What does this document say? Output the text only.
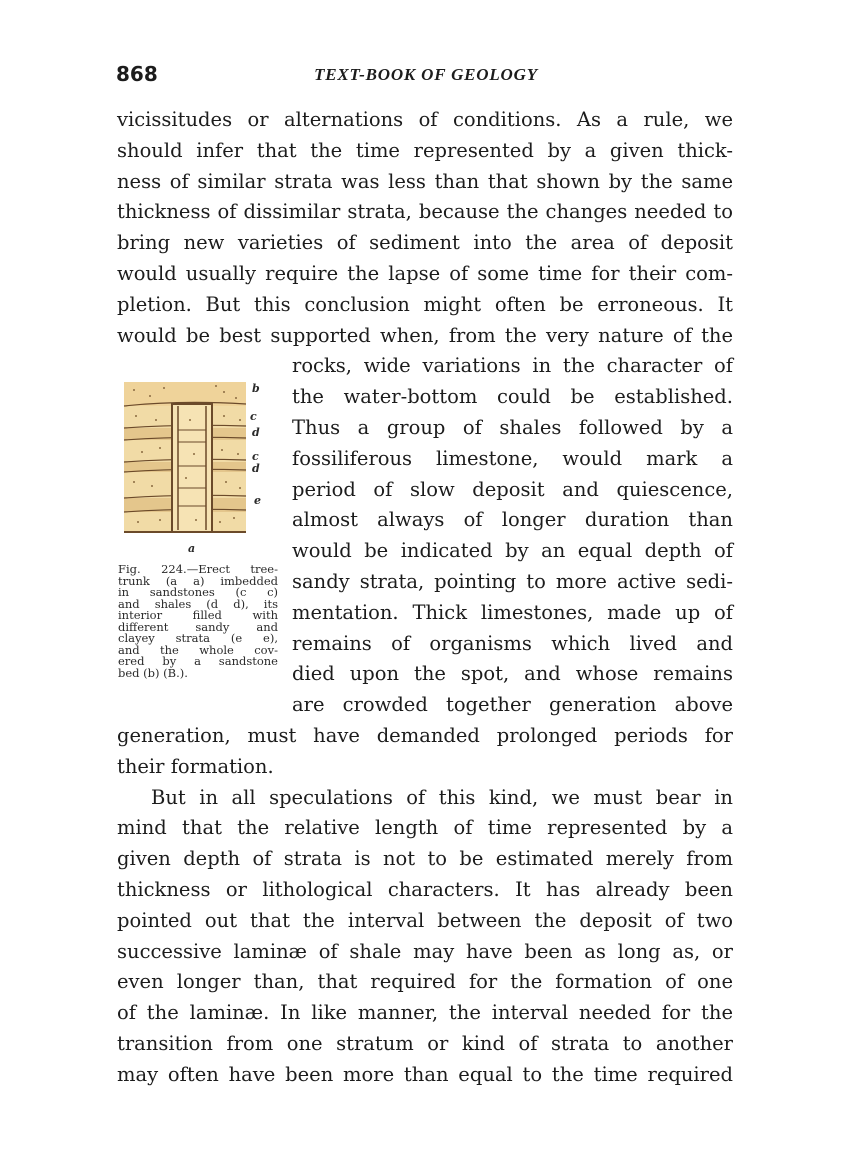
868	TEXT-BOOK OF GEOLOGY
vicissitudes or alternations of conditions. As a rule, we
should infer that the time represented by a given thick-
ness of similar strata was less than that shown by the same
thickness of dissimilar strata, because the changes needed to
bring new varieties of sediment into the area of deposit
would usually require the lapse of some time for their com-
pletion. But this conclusion might often be erroneous. It
would be best supported when, from the very nature of the
rocks, wide variations in the character of
the water-bottom could be established.
Thus a group of shales followed by a
fossiliferous limestone, would mark a
period of slow deposit and quiescence,
almost always of longer duration than
would be indicated by an equal depth of
sandy strata, pointing to more active sedi-
mentation. Thick limestones, made up of
remains of organisms which lived and
died upon the spot, and whose remains
are crowded together generation above
generation, must have demanded prolonged periods for
their formation.
But in all speculations of this kind, we must bear in
mind that the relative length of time represented by a
given depth of strata is not to be estimated merely from
thickness or lithological characters. It has already been
pointed out that the interval between the deposit of two
successive laminæ of shale may have been as long as, or
even longer than, that required for the formation of one
of the laminæ. In like manner, the interval needed for the
transition from one stratum or kind of strata to another
may often have been more than equal to the time required
b
c
d
c
d
e
a
Fig. 224.—Erect tree-
trunk (a a) imbedded
in sandstones (c c)
and shales (d d), its
interior filled with
different sandy and
clayey strata (e e),
and the whole cov-
ered by a sandstone
bed (b) (B.).
